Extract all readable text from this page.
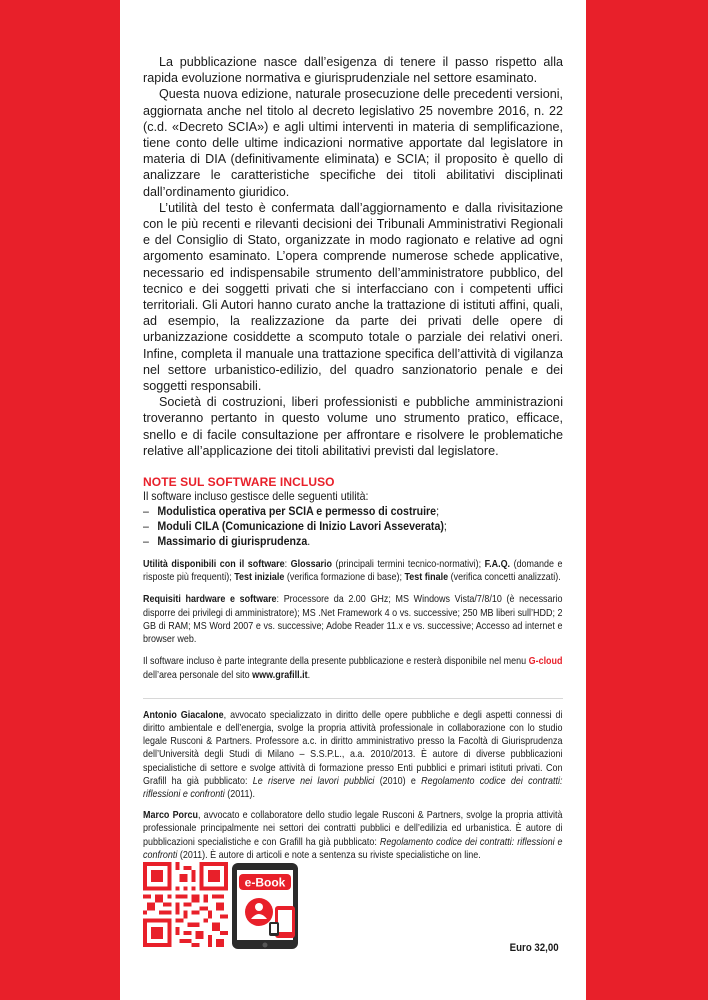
La pubblicazione nasce dall’esigenza di tenere il passo rispetto alla rapida evoluzione normativa e giurisprudenziale nel settore esaminato.

Questa nuova edizione, naturale prosecuzione delle precedenti versioni, aggiornata anche nel titolo al decreto legislativo 25 novembre 2016, n. 22 (c.d. «Decreto SCIA») e agli ultimi interventi in materia di semplificazione, tiene conto delle ultime indicazioni normative apportate dal legislatore in materia di DIA (definitivamente eliminata) e SCIA; il proposito è quello di analizzare le caratteristiche specifiche dei titoli abilitativi disciplinati dall’ordinamento giuridico.

L’utilità del testo è confermata dall’aggiornamento e dalla rivisitazione con le più recenti e rilevanti decisioni dei Tribunali Amministrativi Regionali e del Consiglio di Stato, organizzate in modo ragionato e relative ad ogni argomento esaminato. L’opera comprende numerose schede applicative, necessario ed indispensabile strumento dell’amministratore pubblico, del tecnico e dei soggetti privati che si interfacciano con i competenti uffici territoriali. Gli Autori hanno curato anche la trattazione di istituti affini, quali, ad esempio, la realizzazione da parte dei privati delle opere di urbanizzazione cosiddette a scomputo totale o parziale dei relativi oneri. Infine, completa il manuale una trattazione specifica dell’attività di vigilanza nel settore urbanistico-edilizio, del quadro sanzionatorio penale e dei soggetti responsabili.

Società di costruzioni, liberi professionisti e pubbliche amministrazioni troveranno pertanto in questo volume uno strumento pratico, efficace, snello e di facile consultazione per affrontare e risolvere le problematiche relative all’applicazione dei titoli abilitativi previsti dal legislatore.

NOTE SUL SOFTWARE INCLUSO
Il software incluso gestisce delle seguenti utilità:
– Modulistica operativa per SCIA e permesso di costruire;
– Moduli CILA (Comunicazione di Inizio Lavori Asseverata);
– Massimario di giurisprudenza.
Utilità disponibili con il software: Glossario (principali termini tecnico-normativi); F.A.Q. (domande e risposte più frequenti); Test iniziale (verifica formazione di base); Test finale (verifica concetti analizzati).
Requisiti hardware e software: Processore da 2.00 GHz; MS Windows Vista/7/8/10 (è necessario disporre dei privilegi di amministratore); MS .Net Framework 4 o vs. successive; 250 MB liberi sull’HDD; 2 GB di RAM; MS Word 2007 e vs. successive; Adobe Reader 11.x e vs. successive; Accesso ad internet e browser web.
Il software incluso è parte integrante della presente pubblicazione e resterà disponibile nel menu G-cloud dell’area personale del sito www.grafill.it.
Antonio Giacalone, avvocato specializzato in diritto delle opere pubbliche e degli aspetti connessi di diritto ambientale e dell’energia, svolge la propria attività professionale in collaborazione con lo studio legale Rusconi & Partners. Professore a.c. in diritto amministrativo presso la Facoltà di Giurisprudenza dell’Università degli Studi di Milano – S.S.P.L., a.a. 2010/2013. È autore di diverse pubblicazioni specialistiche di settore e svolge attività di formazione presso Enti pubblici e primari istituti privati. Con Grafill ha già pubblicato: Le riserve nei lavori pubblici (2010) e Regolamento codice dei contratti: riflessioni e confronti (2011).
Marco Porcu, avvocato e collaboratore dello studio legale Rusconi & Partners, svolge la propria attività professionale principalmente nei settori dei contratti pubblici e dell’edilizia ed urbanistica. È autore di pubblicazioni specialistiche e con Grafill ha già pubblicato: Regolamento codice dei contratti: riflessioni e confronti (2011). È autore di articoli e note a sentenza su riviste specialistiche on line.
e-Book
Euro 32,00
